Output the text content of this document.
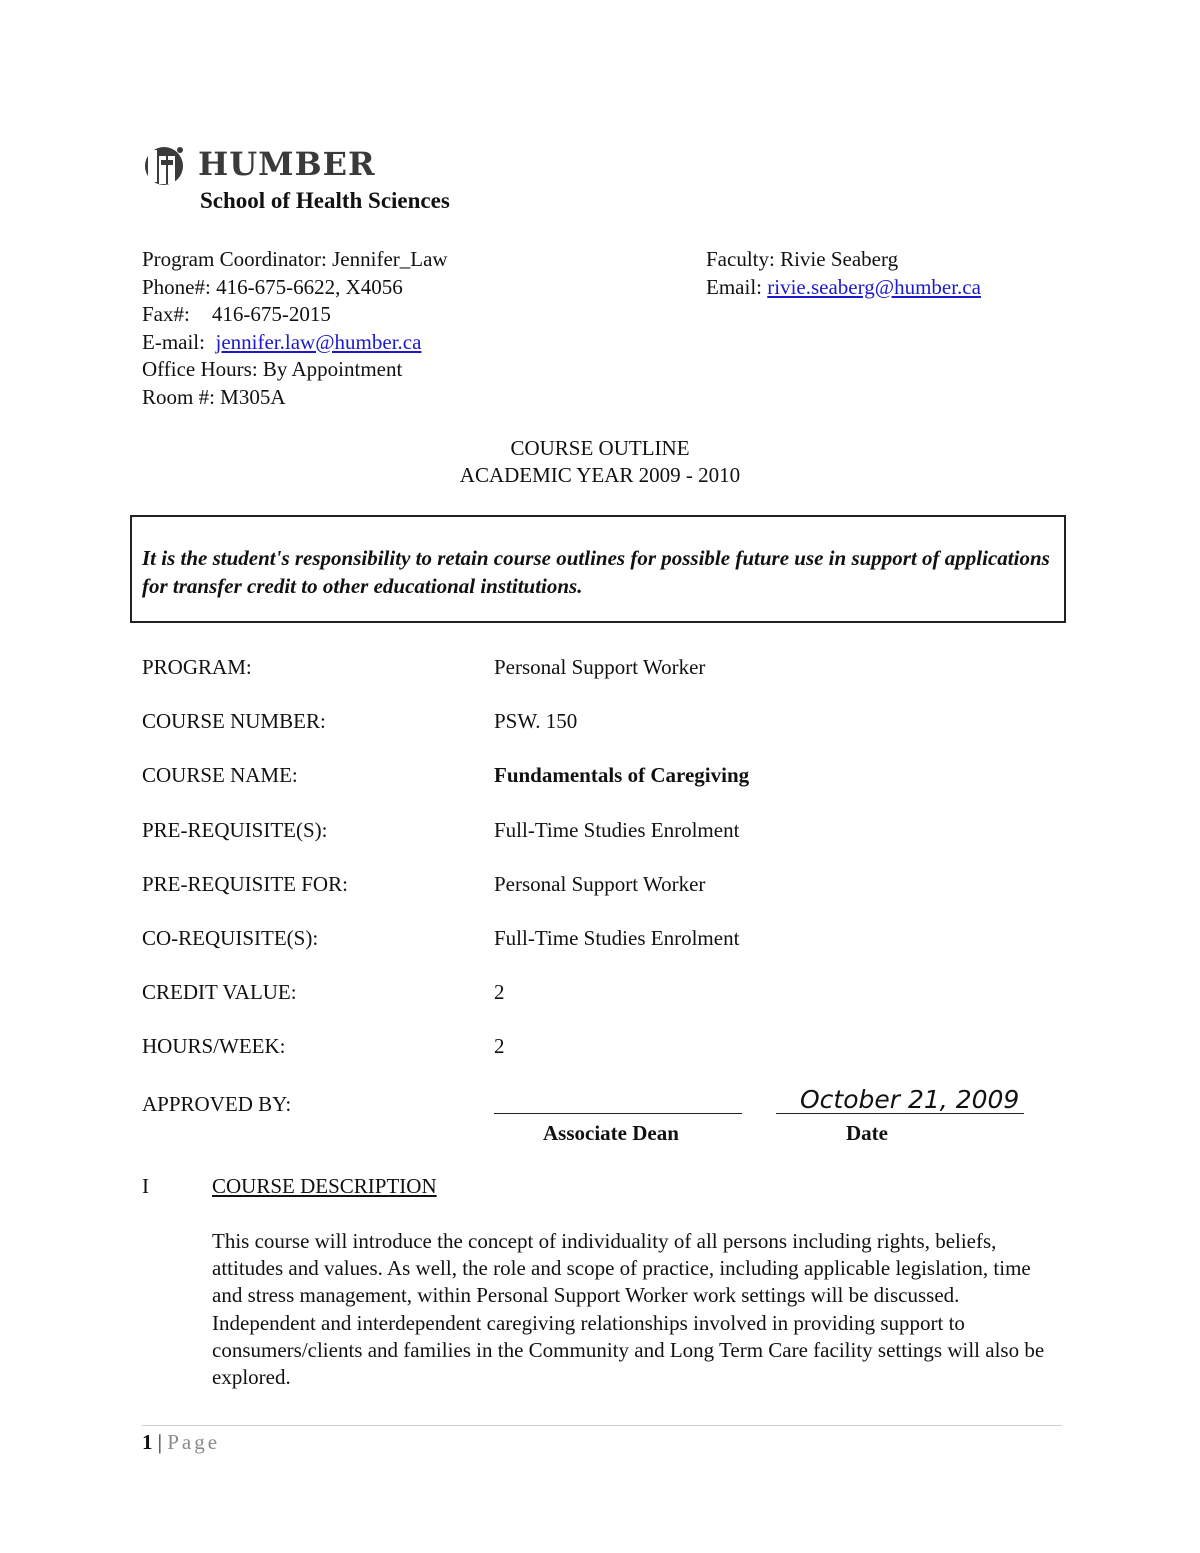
HUMBER
School of Health Sciences
Program Coordinator: Jennifer_Law
Phone#: 416-675-6622, X4056
Fax#: 416-675-2015
E-mail: jennifer.law@humber.ca
Office Hours: By Appointment
Room #: M305A
Faculty: Rivie Seaberg
Email: rivie.seaberg@humber.ca
COURSE OUTLINE
ACADEMIC YEAR 2009 - 2010
It is the student's responsibility to retain course outlines for possible future use in support of applications for transfer credit to other educational institutions.
PROGRAM:	Personal Support Worker
COURSE NUMBER:	PSW. 150
COURSE NAME:	Fundamentals of Caregiving
PRE-REQUISITE(S):	Full-Time Studies Enrolment
PRE-REQUISITE FOR:	Personal Support Worker
CO-REQUISITE(S):	Full-Time Studies Enrolment
CREDIT VALUE:	2
HOURS/WEEK:	2
APPROVED BY:	October 21, 2009
Associate Dean	Date
I	COURSE DESCRIPTION
This course will introduce the concept of individuality of all persons including rights, beliefs, attitudes and values. As well, the role and scope of practice, including applicable legislation, time and stress management, within Personal Support Worker work settings will be discussed. Independent and interdependent caregiving relationships involved in providing support to consumers/clients and families in the Community and Long Term Care facility settings will also be explored.
1 | Page
